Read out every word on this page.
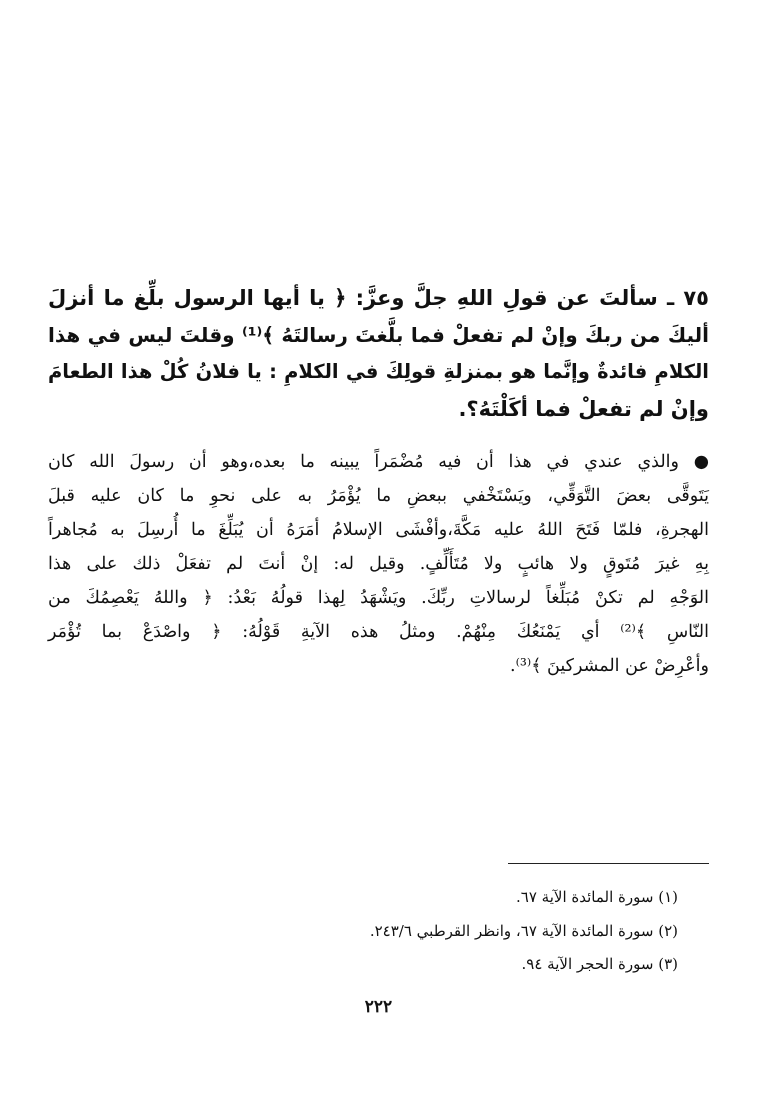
٧٥ ـ سألتَ عن قولِ اللهِ جلَّ وعزَّ: ﴿ يا أيها الرسول بلِّغ ما أنزلَ

أليكَ من ربكَ وإنْ لم تفعلْ فما بلَّغتَ رسالتَهُ ﴾⁽¹⁾ وقلتَ ليس في هذا

الكلامِ فائدةٌ وإنَّما هو بمنزلةِ قولِكَ في الكلامِ : يا فلانُ كُلْ هذا الطعامَ

وإنْ لم تفعلْ فما أكَلْتَهُ؟.

● والذي عندي في هذا أن فيه مُضْمَراً يبينه ما بعده،وهو أن رسولَ الله كان

يَتَوقَّى بعضَ التَّوَقِّي، ويَسْتَخْفي ببعضِ ما يُؤْمَرُ به على نحوِ ما كان عليه قبلَ

الهجرةِ، فلمّا فَتَحَ اللهُ عليه مَكَّةَ،وأفْشَى الإسلامُ أمَرَهُ أن يُبَلِّغَ ما أُرسِلَ به مُجاهراً

بِهِ غيرَ مُتَوقٍ ولا هائبٍ ولا مُتَأَلِّفٍ. وقيل له: إنْ أنتَ لم تفعَلْ ذلك على هذا

الوَجْهِ لم تكنْ مُبَلِّغاً لرسالاتِ ربِّكَ. ويَشْهَدُ لِهذا قولُهُ بَعْدُ: ﴿ واللهُ يَعْصِمُكَ من

النّاسِ ﴾⁽²⁾ أي يَمْنَعُكَ مِنْهُمْ. ومثلُ هذه الآيةِ قَوْلُهُ: ﴿ واصْدَعْ بما تُؤْمَر

وأعْرِضْ عن المشركينَ ﴾⁽³⁾.

(١) سورة المائدة الآية ٦٧.

(٢) سورة المائدة الآية ٦٧، وانظر القرطبي ٢٤٣/٦.

(٣) سورة الحجر الآية ٩٤.

٢٢٢
